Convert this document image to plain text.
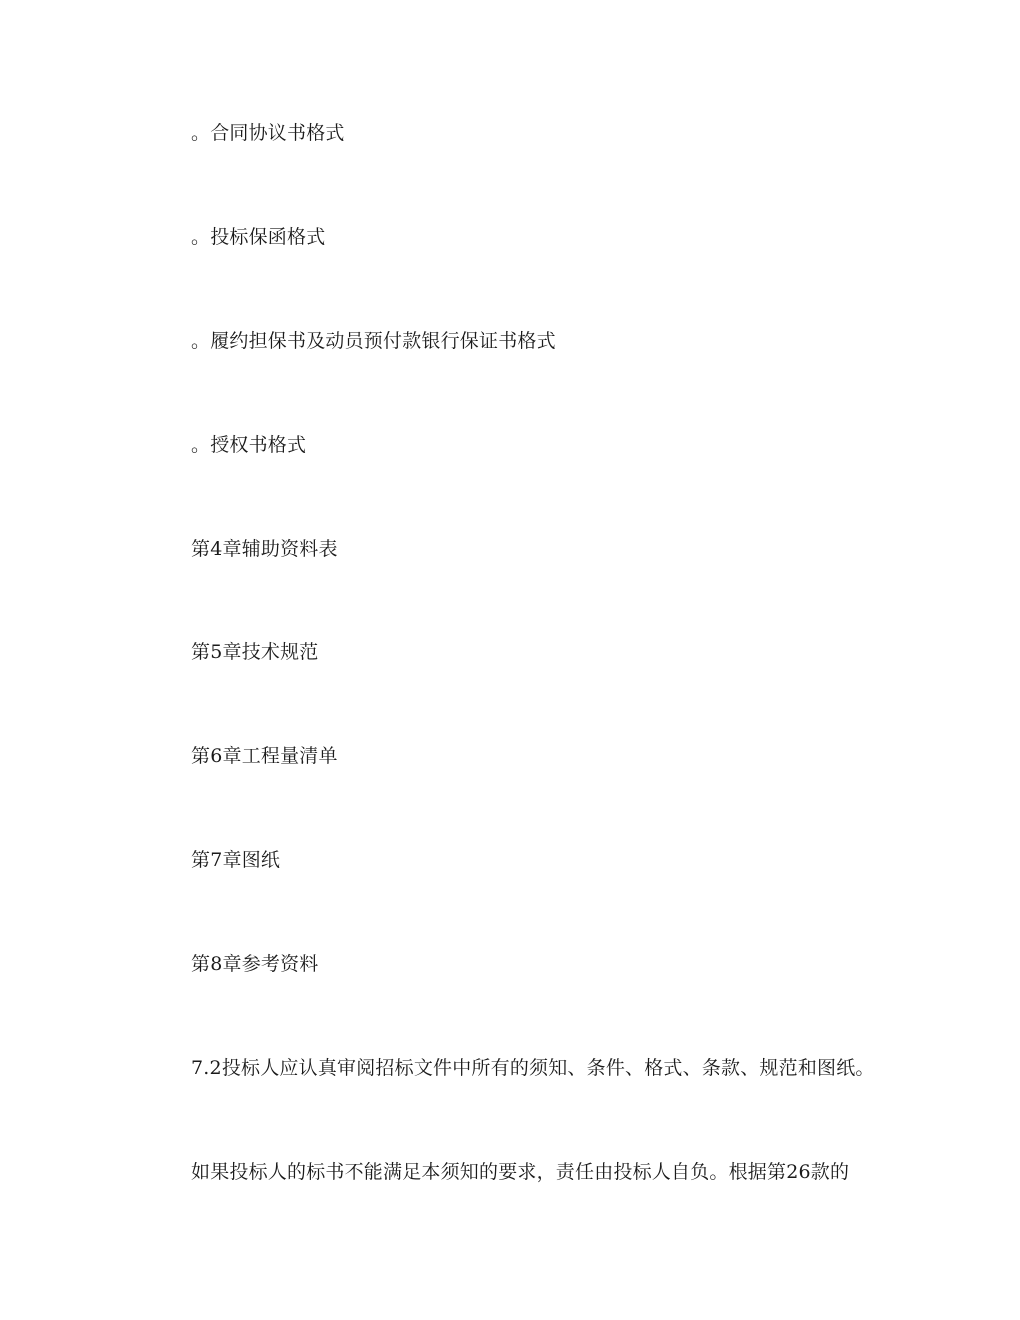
。合同协议书格式

。投标保函格式

。履约担保书及动员预付款银行保证书格式

。授权书格式

第4章辅助资料表

第5章技术规范

第6章工程量清单

第7章图纸

第8章参考资料

7.2投标人应认真审阅招标文件中所有的须知、条件、格式、条款、规范和图纸。

如果投标人的标书不能满足本须知的要求，责任由投标人自负。根据第26款的
